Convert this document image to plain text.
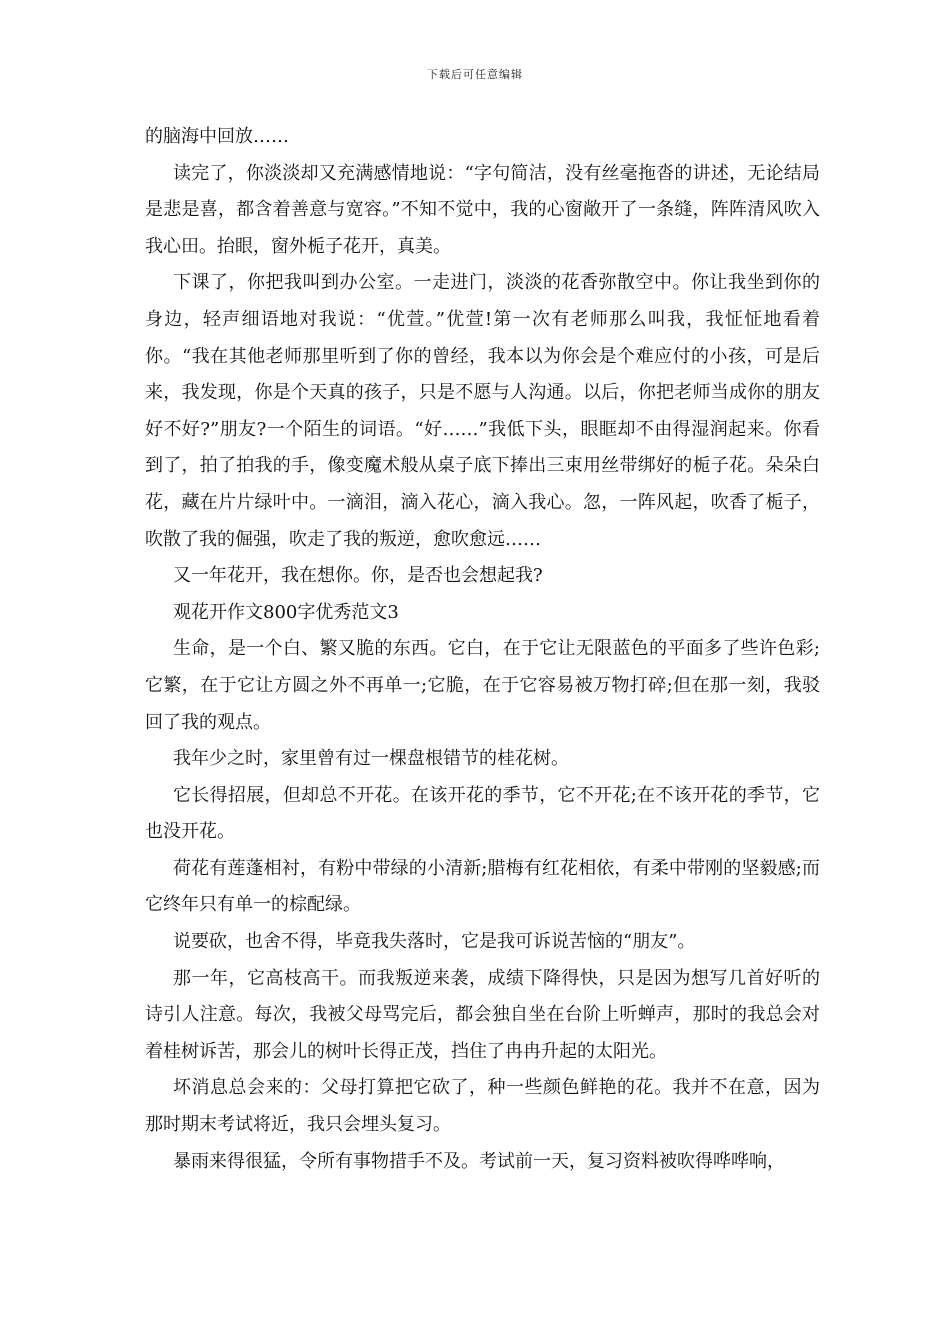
下载后可任意编辑

的脑海中回放……

读完了，你淡淡却又充满感情地说：“字句简洁，没有丝毫拖沓的讲述，无论结局是悲是喜，都含着善意与宽容。”不知不觉中，我的心窗敞开了一条缝，阵阵清风吹入我心田。抬眼，窗外栀子花开，真美。

下课了，你把我叫到办公室。一走进门，淡淡的花香弥散空中。你让我坐到你的身边，轻声细语地对我说：“优萱。”优萱!第一次有老师那么叫我，我怔怔地看着你。“我在其他老师那里听到了你的曾经，我本以为你会是个难应付的小孩，可是后来，我发现，你是个天真的孩子，只是不愿与人沟通。以后，你把老师当成你的朋友好不好?”朋友?一个陌生的词语。“好……”我低下头，眼眶却不由得湿润起来。你看到了，拍了拍我的手，像变魔术般从桌子底下捧出三束用丝带绑好的栀子花。朵朵白花，藏在片片绿叶中。一滴泪，滴入花心，滴入我心。忽，一阵风起，吹香了栀子，吹散了我的倔强，吹走了我的叛逆，愈吹愈远……

又一年花开，我在想你。你，是否也会想起我?

观花开作文800字优秀范文3

生命，是一个白、繁又脆的东西。它白，在于它让无限蓝色的平面多了些许色彩;它繁，在于它让方圆之外不再单一;它脆，在于它容易被万物打碎;但在那一刻，我驳回了我的观点。

我年少之时，家里曾有过一棵盘根错节的桂花树。

它长得招展，但却总不开花。在该开花的季节，它不开花;在不该开花的季节，它也没开花。

荷花有莲蓬相衬，有粉中带绿的小清新;腊梅有红花相依，有柔中带刚的坚毅感;而它终年只有单一的棕配绿。

说要砍，也舍不得，毕竟我失落时，它是我可诉说苦恼的“朋友”。

那一年，它高枝高干。而我叛逆来袭，成绩下降得快，只是因为想写几首好听的诗引人注意。每次，我被父母骂完后，都会独自坐在台阶上听蝉声，那时的我总会对着桂树诉苦，那会儿的树叶长得正茂，挡住了冉冉升起的太阳光。

坏消息总会来的：父母打算把它砍了，种一些颜色鲜艳的花。我并不在意，因为那时期末考试将近，我只会埋头复习。

暴雨来得很猛，令所有事物措手不及。考试前一天，复习资料被吹得哗哗响，
